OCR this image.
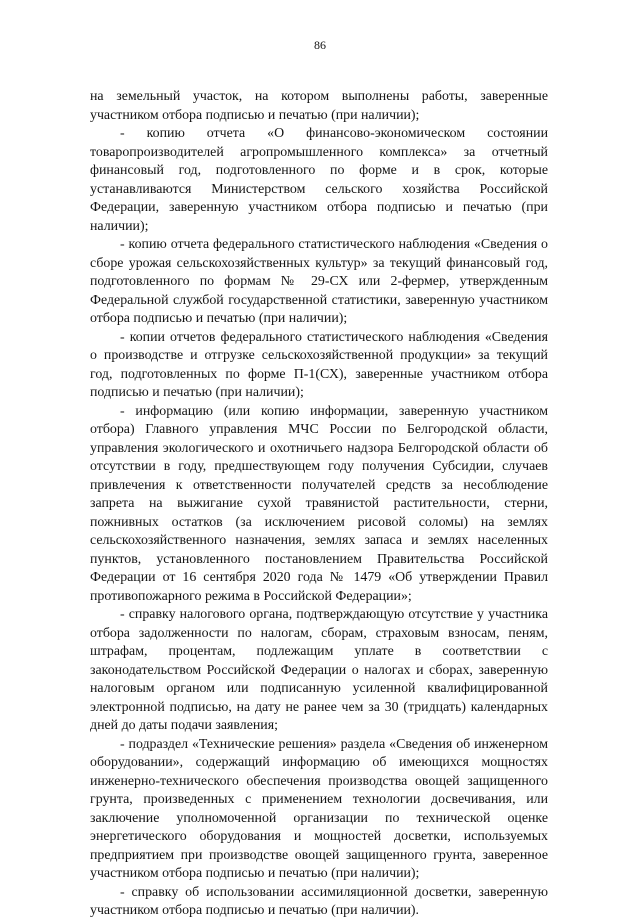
86

на земельный участок, на котором выполнены работы, заверенные участником отбора подписью и печатью (при наличии);

- копию отчета «О финансово-экономическом состоянии товаропроизводителей агропромышленного комплекса» за отчетный финансовый год, подготовленного по форме и в срок, которые устанавливаются Министерством сельского хозяйства Российской Федерации, заверенную участником отбора подписью и печатью (при наличии);

- копию отчета федерального статистического наблюдения «Сведения о сборе урожая сельскохозяйственных культур» за текущий финансовый год, подготовленного по формам № 29-СХ или 2-фермер, утвержденным Федеральной службой государственной статистики, заверенную участником отбора подписью и печатью (при наличии);

- копии отчетов федерального статистического наблюдения «Сведения о производстве и отгрузке сельскохозяйственной продукции» за текущий год, подготовленных по форме П-1(СХ), заверенные участником отбора подписью и печатью (при наличии);

- информацию (или копию информации, заверенную участником отбора) Главного управления МЧС России по Белгородской области, управления экологического и охотничьего надзора Белгородской области об отсутствии в году, предшествующем году получения Субсидии, случаев привлечения к ответственности получателей средств за несоблюдение запрета на выжигание сухой травянистой растительности, стерни, пожнивных остатков (за исключением рисовой соломы) на землях сельскохозяйственного назначения, землях запаса и землях населенных пунктов, установленного постановлением Правительства Российской Федерации от 16 сентября 2020 года № 1479 «Об утверждении Правил противопожарного режима в Российской Федерации»;

- справку налогового органа, подтверждающую отсутствие у участника отбора задолженности по налогам, сборам, страховым взносам, пеням, штрафам, процентам, подлежащим уплате в соответствии с законодательством Российской Федерации о налогах и сборах, заверенную налоговым органом или подписанную усиленной квалифицированной электронной подписью, на дату не ранее чем за 30 (тридцать) календарных дней до даты подачи заявления;

- подраздел «Технические решения» раздела «Сведения об инженерном оборудовании», содержащий информацию об имеющихся мощностях инженерно-технического обеспечения производства овощей защищенного грунта, произведенных с применением технологии досвечивания, или заключение уполномоченной организации по технической оценке энергетического оборудования и мощностей досветки, используемых предприятием при производстве овощей защищенного грунта, заверенное участником отбора подписью и печатью (при наличии);

- справку об использовании ассимиляционной досветки, заверенную участником отбора подписью и печатью (при наличии).
